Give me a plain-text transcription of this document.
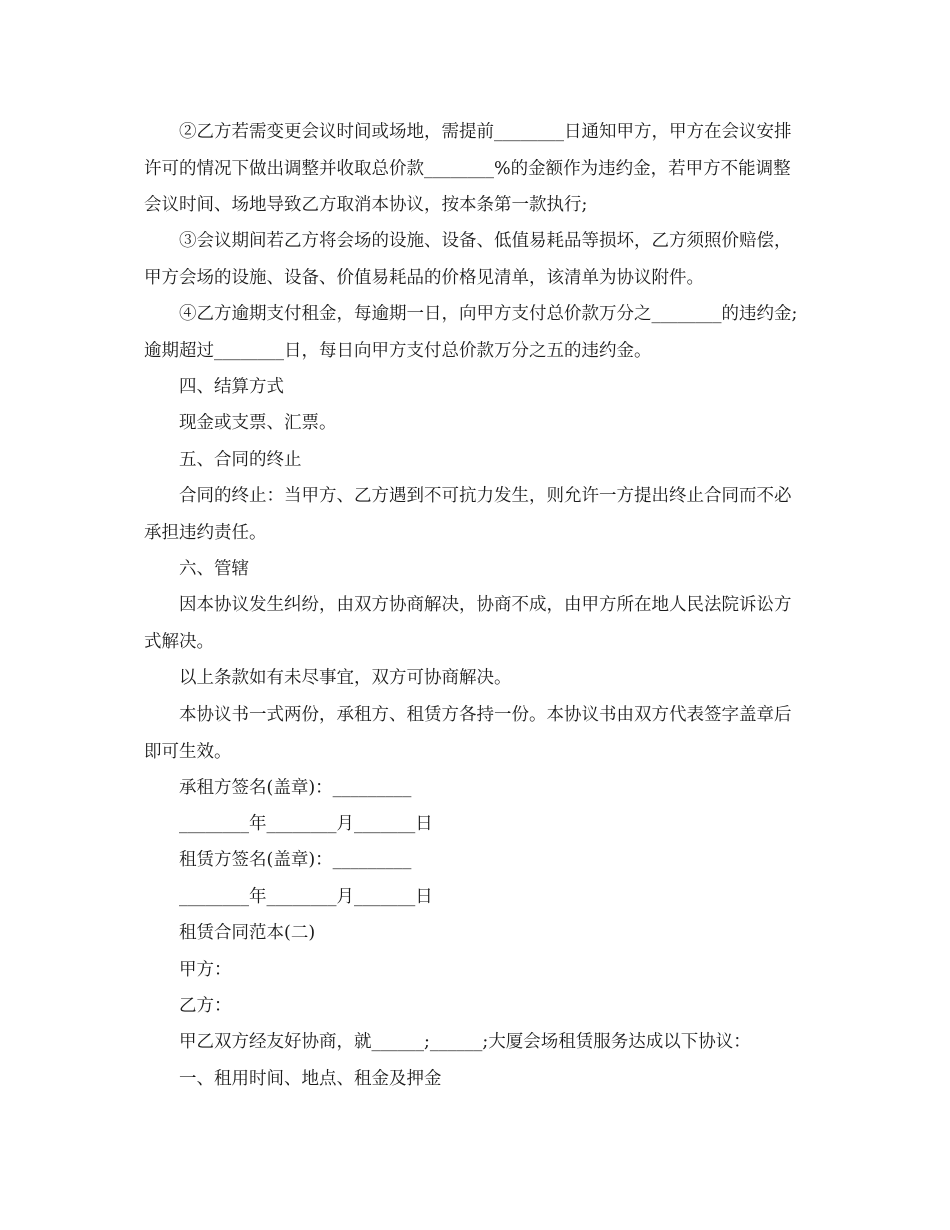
②乙方若需变更会议时间或场地，需提前________日通知甲方，甲方在会议安排许可的情况下做出调整并收取总价款________%的金额作为违约金，若甲方不能调整会议时间、场地导致乙方取消本协议，按本条第一款执行;

③会议期间若乙方将会场的设施、设备、低值易耗品等损坏，乙方须照价赔偿，甲方会场的设施、设备、价值易耗品的价格见清单，该清单为协议附件。

④乙方逾期支付租金，每逾期一日，向甲方支付总价款万分之________的违约金;逾期超过________日，每日向甲方支付总价款万分之五的违约金。

四、结算方式

现金或支票、汇票。

五、合同的终止

合同的终止：当甲方、乙方遇到不可抗力发生，则允许一方提出终止合同而不必承担违约责任。

六、管辖

因本协议发生纠纷，由双方协商解决，协商不成，由甲方所在地人民法院诉讼方式解决。

以上条款如有未尽事宜，双方可协商解决。

本协议书一式两份，承租方、租赁方各持一份。本协议书由双方代表签字盖章后即可生效。

承租方签名(盖章)：_________

________年________月_______日

租赁方签名(盖章)：_________

________年________月_______日

租赁合同范本(二)

甲方：

乙方：

甲乙双方经友好协商，就______;______;大厦会场租赁服务达成以下协议：

一、租用时间、地点、租金及押金
